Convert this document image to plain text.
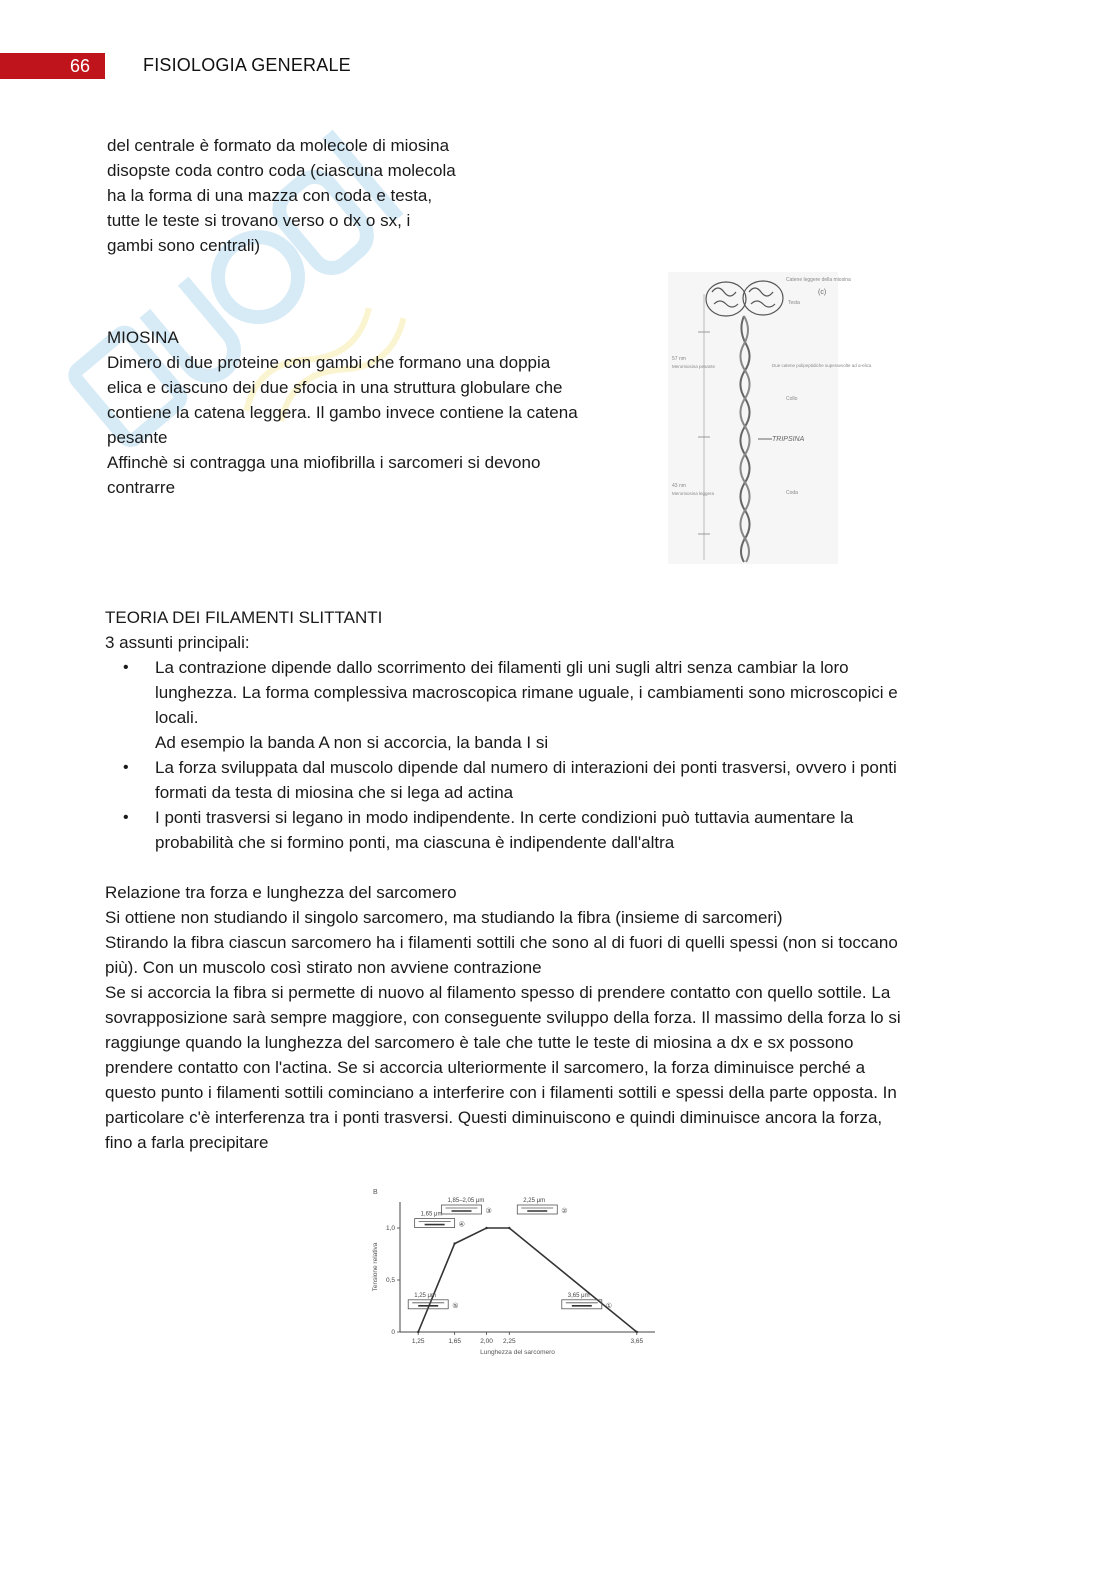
66	FISIOLOGIA GENERALE

del centrale è formato da molecole di miosina

disopste coda contro coda (ciascuna molecola

ha la forma di una mazza con coda e testa,

tutte le teste si trovano verso o dx o sx, i

gambi sono centrali)

MIOSINA

Dimero di due proteine con gambi che formano una doppia

elica e ciascuno dei due sfocia in una struttura globulare che

contiene la catena leggera. Il gambo invece contiene la catena

pesante

Affinchè si contragga una miofibrilla i sarcomeri si devono

contrarre

Catene leggere della miosina
(c)
Testa
57 nm
Meromiosina pesante	Due catene polipeptidiche superavvolte ad α-elica
Collo
TRIPSINA
43 nm
Meromiosina leggera	Coda

TEORIA DEI FILAMENTI SLITTANTI

3 assunti principali:

• La contrazione dipende dallo scorrimento dei filamenti gli uni sugli altri senza cambiar la loro

lunghezza. La forma complessiva macroscopica rimane uguale, i cambiamenti sono microscopici e

locali.

Ad esempio la banda A non si accorcia, la banda I si

• La forza sviluppata dal muscolo dipende dal numero di interazioni dei ponti trasversi, ovvero i ponti

formati da testa di miosina che si lega ad actina

• I ponti trasversi si legano in modo indipendente. In certe condizioni può tuttavia aumentare la

probabilità che si formino ponti, ma ciascuna è indipendente dall'altra

Relazione tra forza e lunghezza del sarcomero

Si ottiene non studiando il singolo sarcomero, ma studiando la fibra (insieme di sarcomeri)

Stirando la fibra ciascun sarcomero ha i filamenti sottili che sono al di fuori di quelli spessi (non si toccano

più). Con un muscolo così stirato non avviene contrazione

Se si accorcia la fibra si permette di nuovo al filamento spesso di prendere contatto con quello sottile. La

sovrapposizione sarà sempre maggiore, con conseguente sviluppo della forza. Il massimo della forza lo si

raggiunge quando la lunghezza del sarcomero è tale che tutte le teste di miosina a dx e sx possono

prendere contatto con l'actina. Se si accorcia ulteriormente il sarcomero, la forza diminuisce perché a

questo punto i filamenti sottili cominciano a interferire con i filamenti sottili e spessi della parte opposta. In

particolare c'è interferenza tra i ponti trasversi. Questi diminuiscono e quindi diminuisce ancora la forza,

fino a farla precipitare

B
1,25	1,65	2,00 2,25	3,65
0
0,5
1,0
1,25 μm
⑤
1,65 μm
④
1,85–2,05 μm
③
2,25 μm
②
3,65 μm
①
Tensione relativa
Lunghezza del sarcomero
